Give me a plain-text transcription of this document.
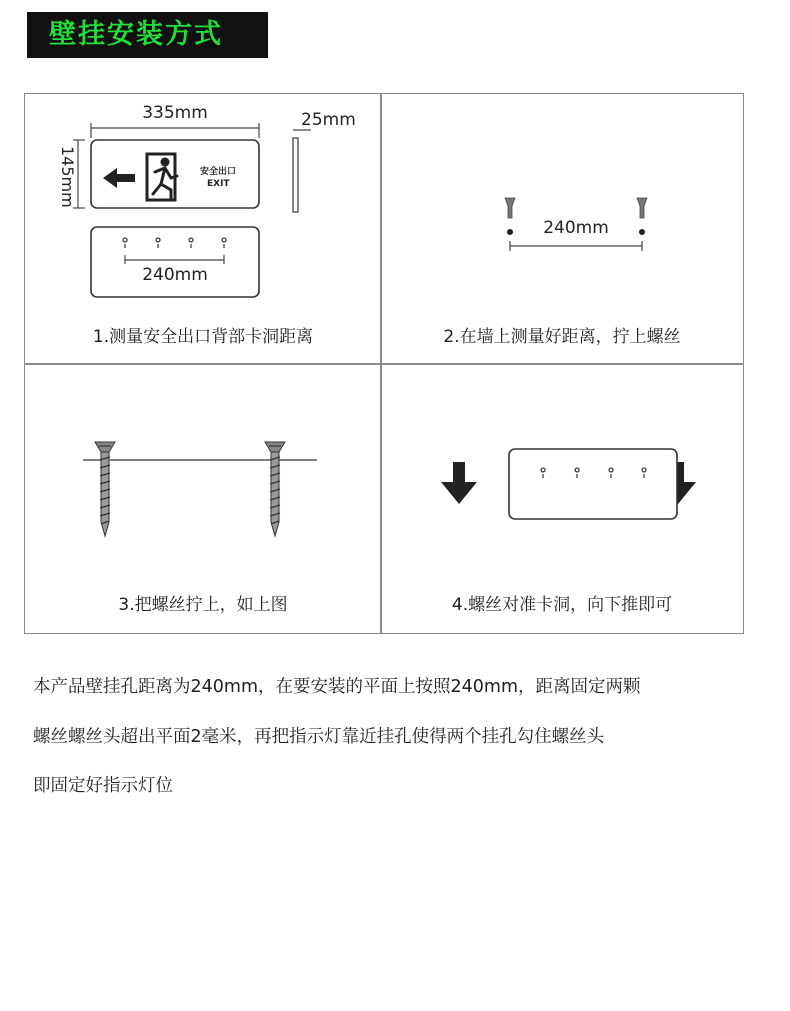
壁挂安装方式
335mm
145mm	安全出口
EXIT
25mm
240mm
1.测量安全出口背部卡洞距离
240mm
2.在墙上测量好距离，拧上螺丝
3.把螺丝拧上，如上图	4.螺丝对准卡洞，向下推即可
本产品壁挂孔距离为240mm，在要安装的平面上按照240mm，距离固定两颗
螺丝螺丝头超出平面2毫米，再把指示灯靠近挂孔使得两个挂孔勾住螺丝头
即固定好指示灯位
